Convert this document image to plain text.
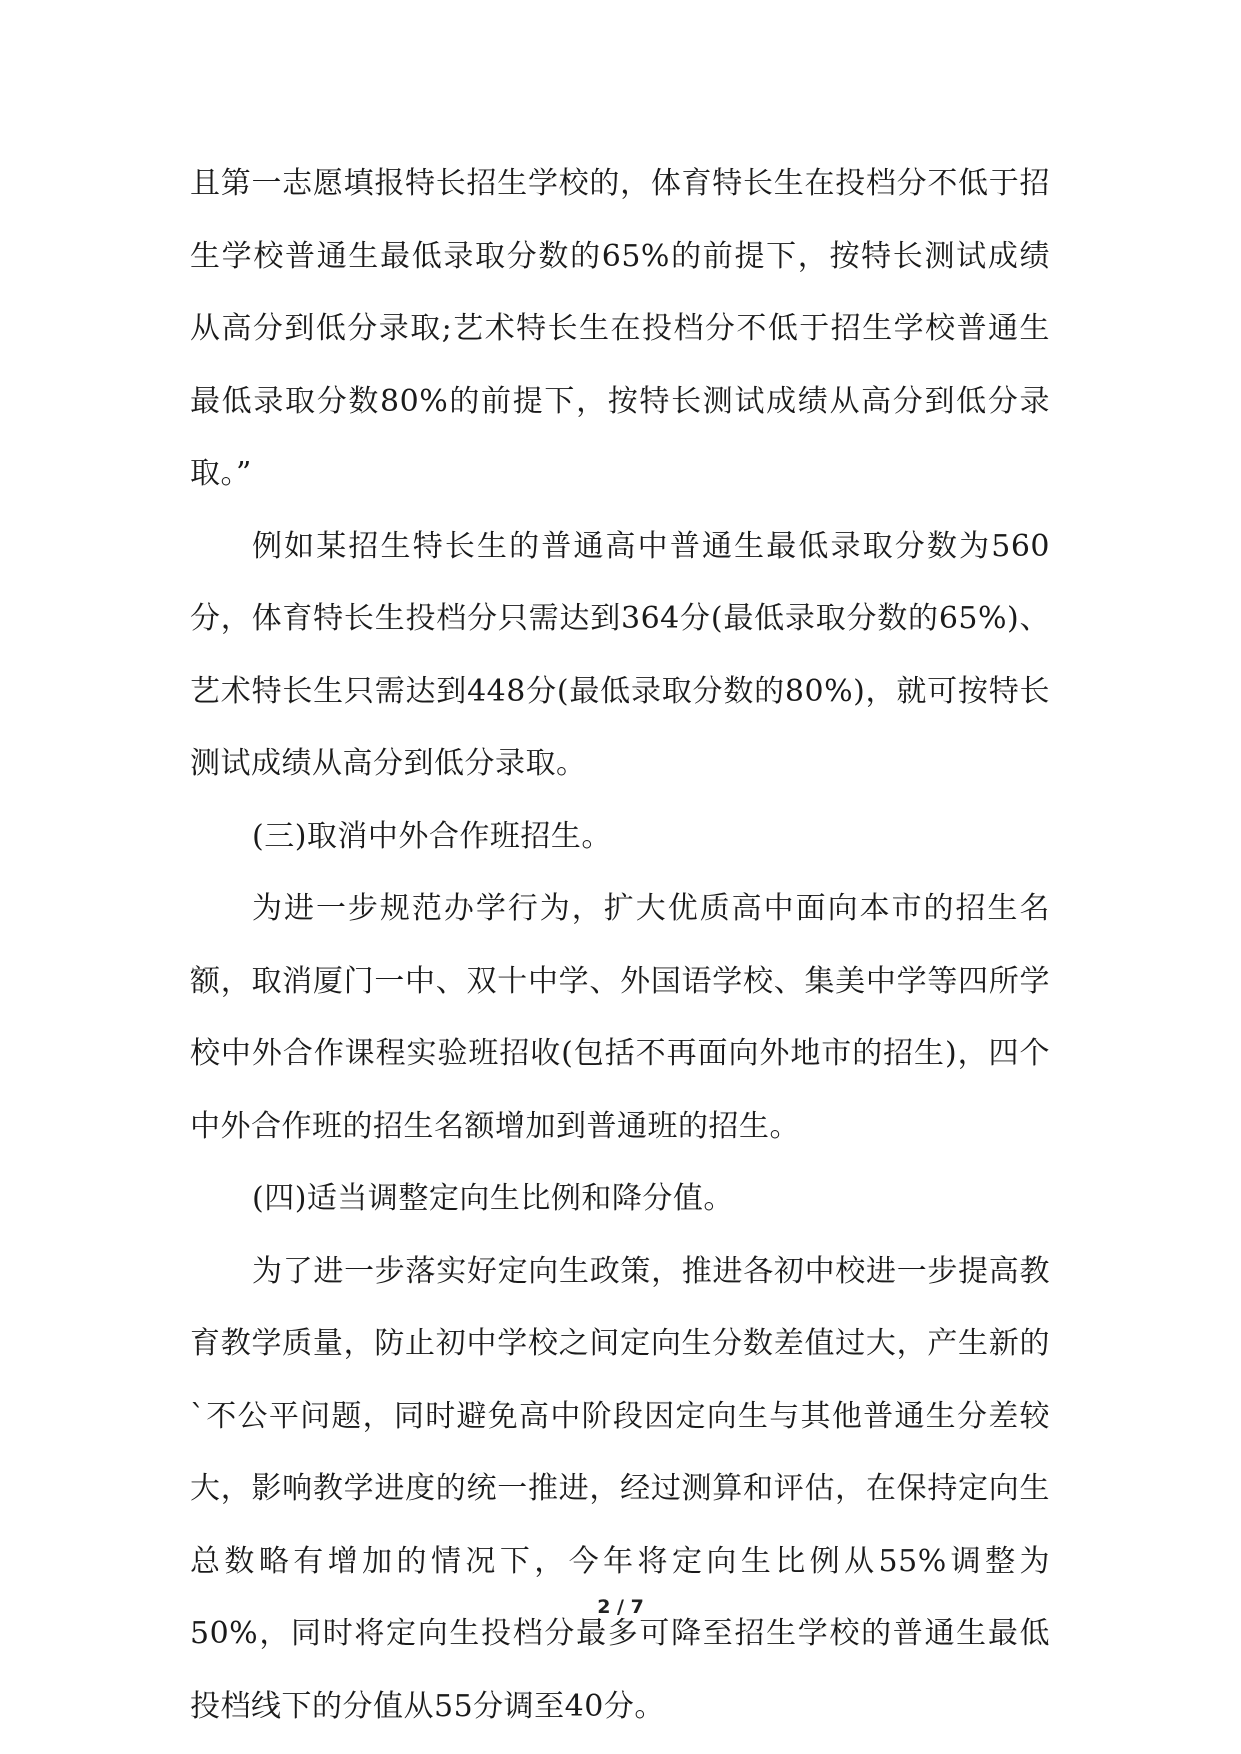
且第一志愿填报特长招生学校的，体育特长生在投档分不低于招生学校普通生最低录取分数的65%的前提下，按特长测试成绩从高分到低分录取;艺术特长生在投档分不低于招生学校普通生最低录取分数80%的前提下，按特长测试成绩从高分到低分录取。”

例如某招生特长生的普通高中普通生最低录取分数为560分，体育特长生投档分只需达到364分(最低录取分数的65%)、艺术特长生只需达到448分(最低录取分数的80%)，就可按特长测试成绩从高分到低分录取。

(三)取消中外合作班招生。

为进一步规范办学行为，扩大优质高中面向本市的招生名额，取消厦门一中、双十中学、外国语学校、集美中学等四所学校中外合作课程实验班招收(包括不再面向外地市的招生)，四个中外合作班的招生名额增加到普通班的招生。

(四)适当调整定向生比例和降分值。

为了进一步落实好定向生政策，推进各初中校进一步提高教育教学质量，防止初中学校之间定向生分数差值过大，产生新的`不公平问题，同时避免高中阶段因定向生与其他普通生分差较大，影响教学进度的统一推进，经过测算和评估，在保持定向生总数略有增加的情况下，今年将定向生比例从55%调整为50%，同时将定向生投档分最多可降至招生学校的普通生最低投档线下的分值从55分调至40分。

2 / 7
